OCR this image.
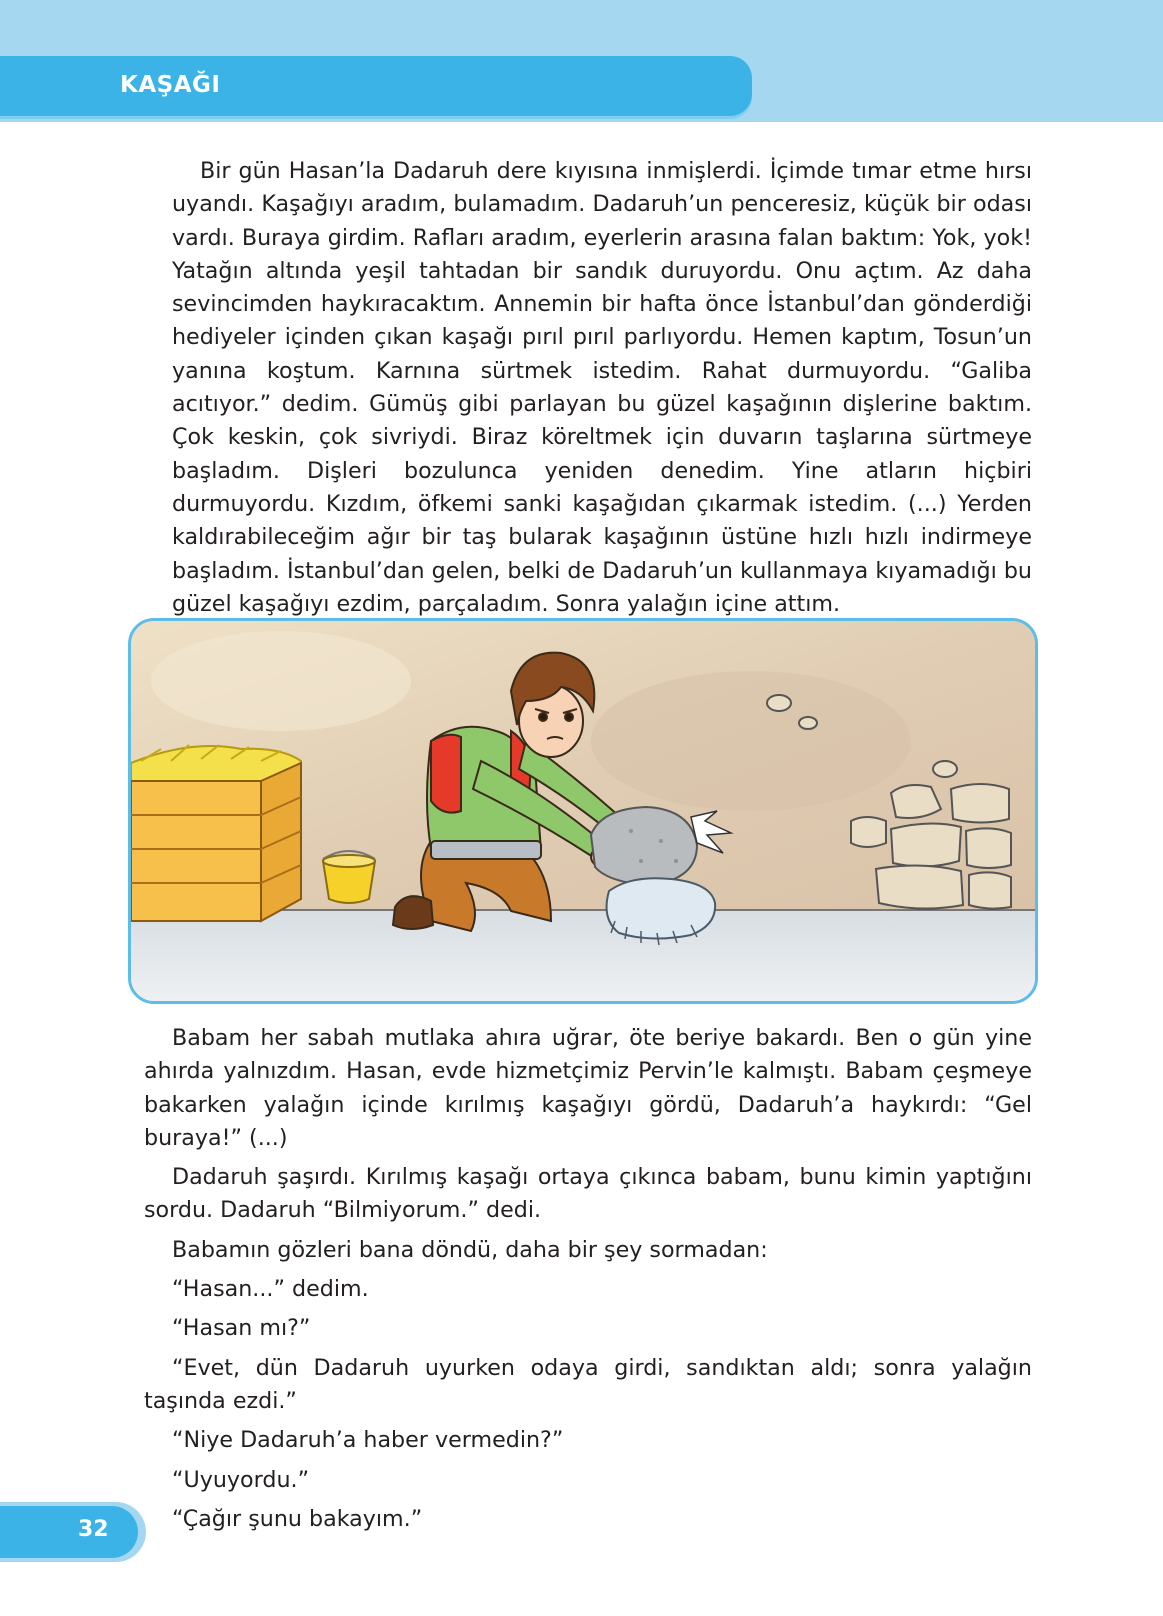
KAŞAĞI

Bir gün Hasan’la Dadaruh dere kıyısına inmişlerdi. İçimde tımar etme hırsı uyandı. Kaşağıyı aradım, bulamadım. Dadaruh’un penceresiz, küçük bir odası vardı. Buraya girdim. Rafları aradım, eyerlerin arasına falan baktım: Yok, yok! Yatağın altında yeşil tahtadan bir sandık duruyordu. Onu açtım. Az daha sevincimden haykıracaktım. Annemin bir hafta önce İstanbul’dan gönderdiği hediyeler içinden çıkan kaşağı pırıl pırıl parlıyordu. Hemen kaptım, Tosun’un yanına koştum. Karnına sürtmek istedim. Rahat durmuyordu. “Galiba acıtıyor.” dedim. Gümüş gibi parlayan bu güzel kaşağının dişlerine baktım. Çok keskin, çok sivriydi. Biraz köreltmek için duvarın taşlarına sürtmeye başladım. Dişleri bozulunca yeniden denedim. Yine atların hiçbiri durmuyordu. Kızdım, öfkemi sanki kaşağıdan çıkarmak istedim. (...) Yerden kaldırabileceğim ağır bir taş bularak kaşağının üstüne hızlı hızlı indirmeye başladım. İstanbul’dan gelen, belki de Dadaruh’un kullanmaya kıyamadığı bu güzel kaşağıyı ezdim, parçaladım. Sonra yalağın içine attım.

Babam her sabah mutlaka ahıra uğrar, öte beriye bakardı. Ben o gün yine ahırda yalnızdım. Hasan, evde hizmetçimiz Pervin’le kalmıştı. Babam çeşmeye bakarken yalağın içinde kırılmış kaşağıyı gördü, Dadaruh’a haykırdı: “Gel buraya!” (...)

Dadaruh şaşırdı. Kırılmış kaşağı ortaya çıkınca babam, bunu kimin yaptığını sordu. Dadaruh “Bilmiyorum.” dedi.

Babamın gözleri bana döndü, daha bir şey sormadan:

“Hasan...” dedim.

“Hasan mı?”

“Evet, dün Dadaruh uyurken odaya girdi, sandıktan aldı; sonra yalağın taşında ezdi.”

“Niye Dadaruh’a haber vermedin?”

“Uyuyordu.”

“Çağır şunu bakayım.”

32
